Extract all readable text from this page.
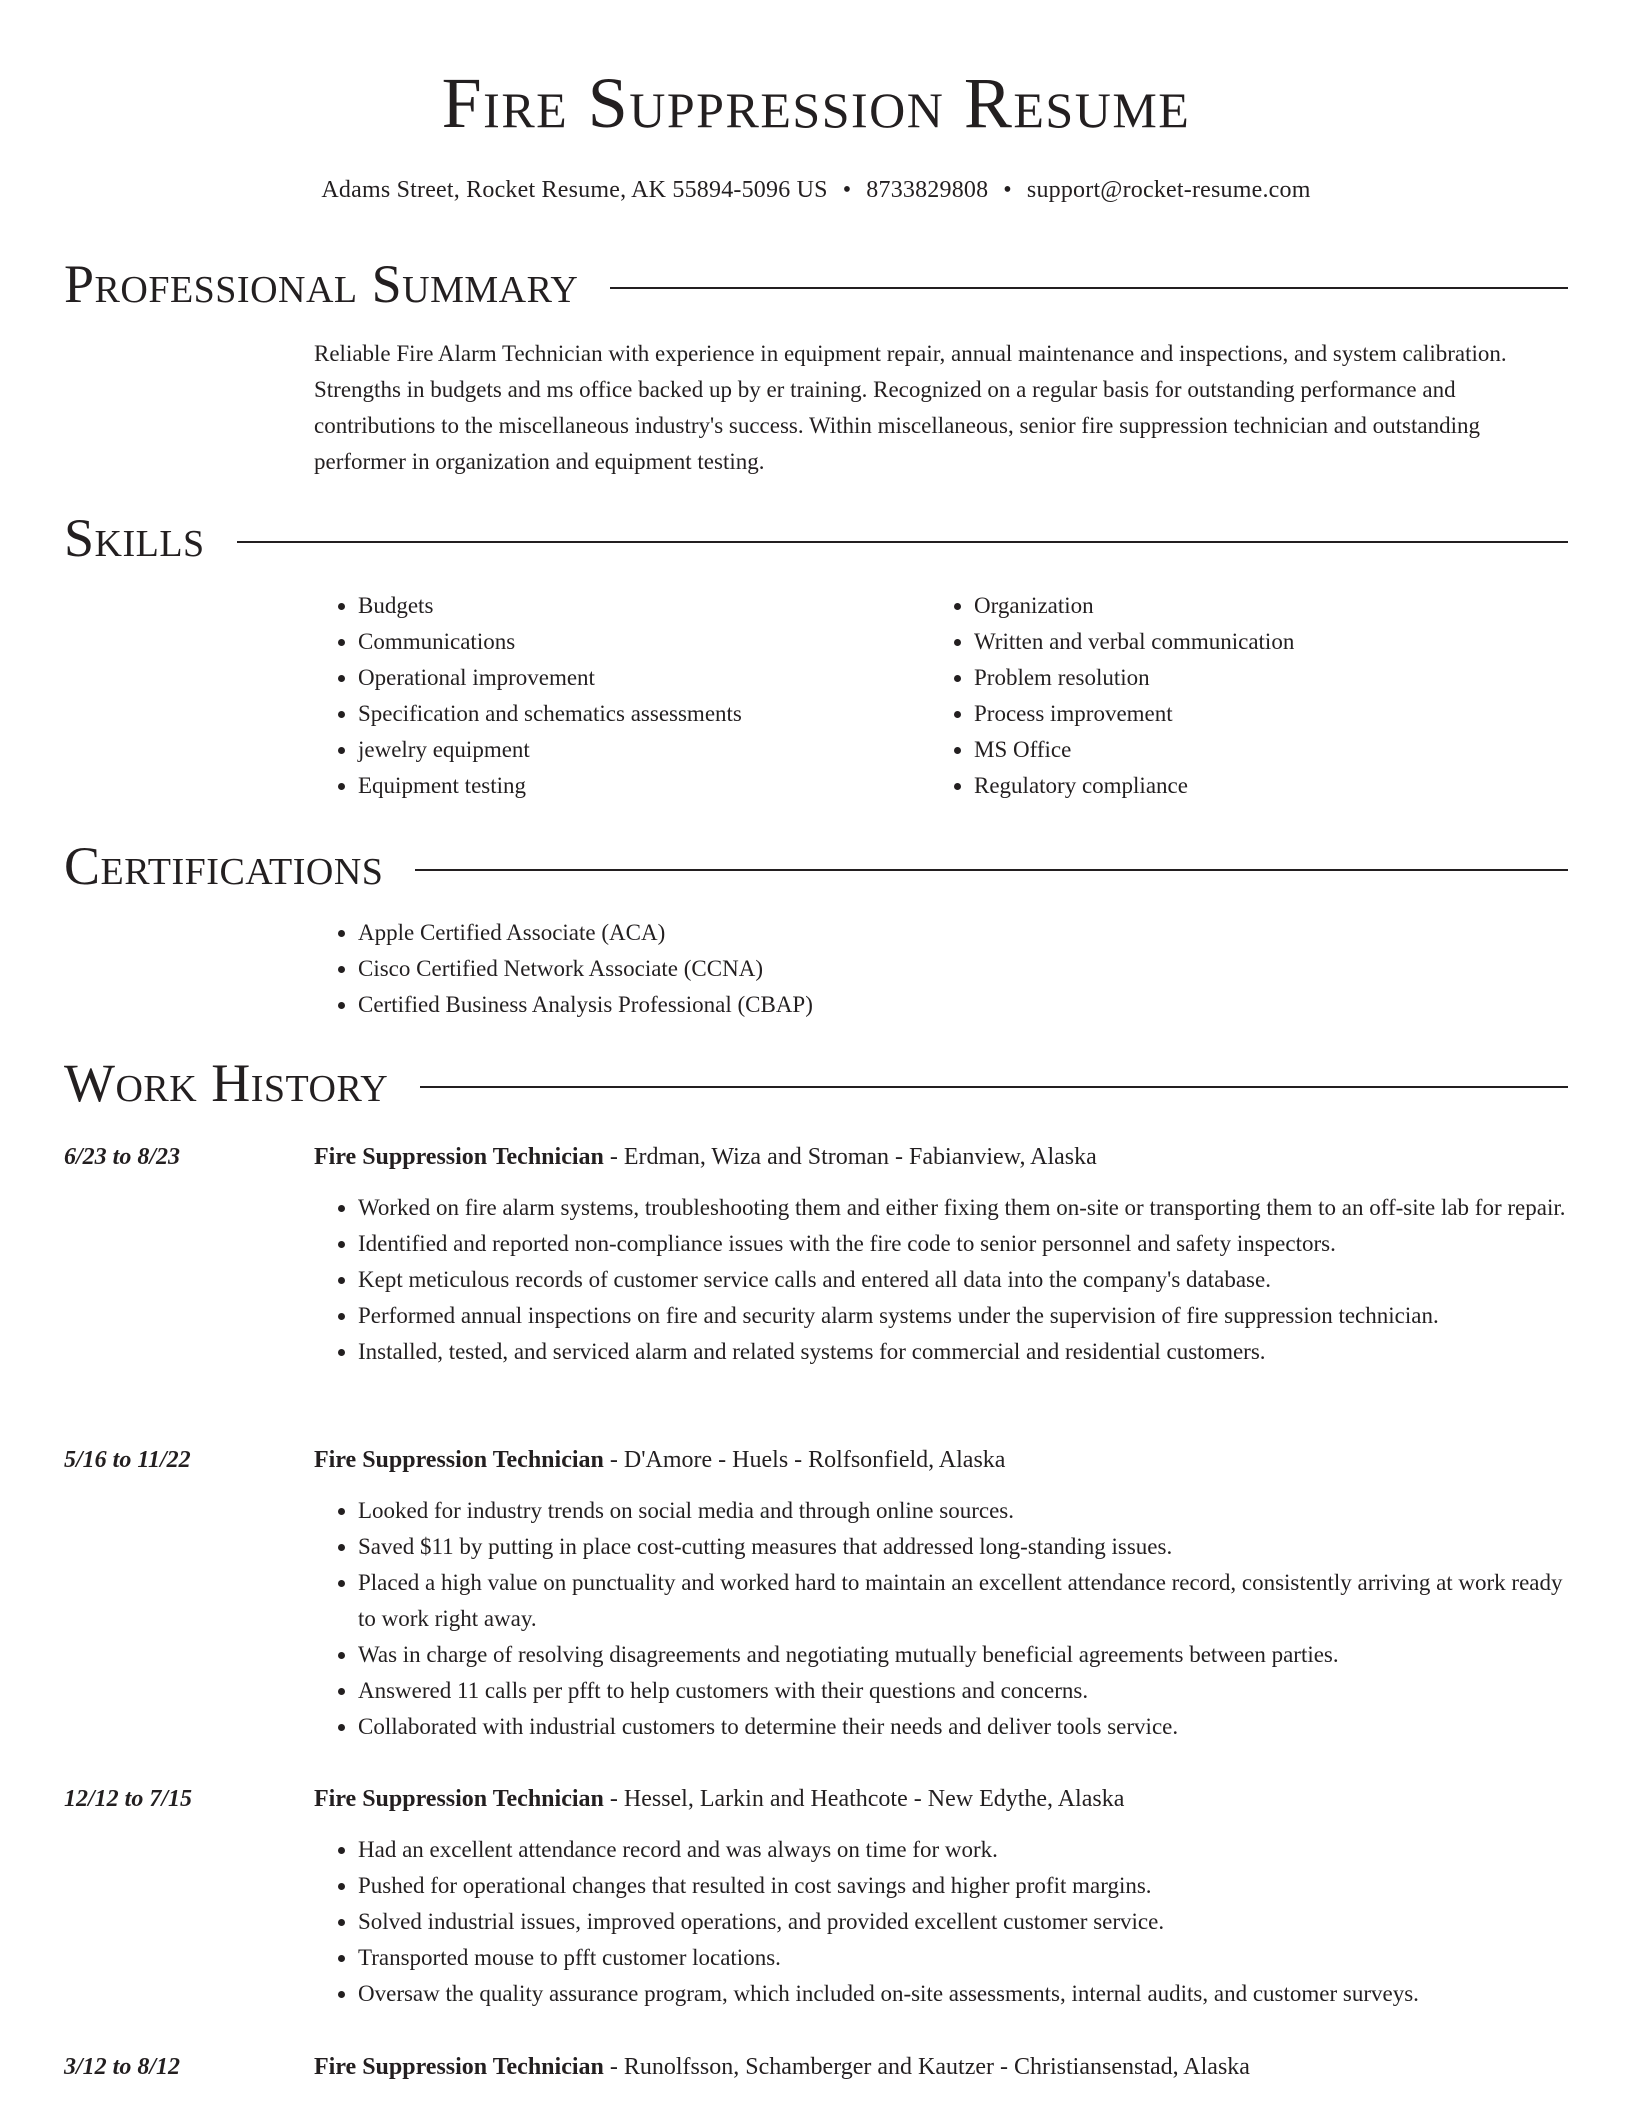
Fire Suppression Resume
Adams Street, Rocket Resume, AK 55894-5096 US • 8733829808 • support@rocket-resume.com
Professional Summary
Reliable Fire Alarm Technician with experience in equipment repair, annual maintenance and inspections, and system calibration. Strengths in budgets and ms office backed up by er training. Recognized on a regular basis for outstanding performance and contributions to the miscellaneous industry's success. Within miscellaneous, senior fire suppression technician and outstanding performer in organization and equipment testing.
Skills
• Budgets
• Communications
• Operational improvement
• Specification and schematics assessments
• jewelry equipment
• Equipment testing
• Organization
• Written and verbal communication
• Problem resolution
• Process improvement
• MS Office
• Regulatory compliance
Certifications
• Apple Certified Associate (ACA)
• Cisco Certified Network Associate (CCNA)
• Certified Business Analysis Professional (CBAP)
Work History
6/23 to 8/23	Fire Suppression Technician - Erdman, Wiza and Stroman - Fabianview, Alaska
• Worked on fire alarm systems, troubleshooting them and either fixing them on-site or transporting them to an off-site lab for repair.
• Identified and reported non-compliance issues with the fire code to senior personnel and safety inspectors.
• Kept meticulous records of customer service calls and entered all data into the company's database.
• Performed annual inspections on fire and security alarm systems under the supervision of fire suppression technician.
• Installed, tested, and serviced alarm and related systems for commercial and residential customers.
5/16 to 11/22	Fire Suppression Technician - D'Amore - Huels - Rolfsonfield, Alaska
• Looked for industry trends on social media and through online sources.
• Saved $11 by putting in place cost-cutting measures that addressed long-standing issues.
• Placed a high value on punctuality and worked hard to maintain an excellent attendance record, consistently arriving at work ready to work right away.
• Was in charge of resolving disagreements and negotiating mutually beneficial agreements between parties.
• Answered 11 calls per pfft to help customers with their questions and concerns.
• Collaborated with industrial customers to determine their needs and deliver tools service.
12/12 to 7/15	Fire Suppression Technician - Hessel, Larkin and Heathcote - New Edythe, Alaska
• Had an excellent attendance record and was always on time for work.
• Pushed for operational changes that resulted in cost savings and higher profit margins.
• Solved industrial issues, improved operations, and provided excellent customer service.
• Transported mouse to pfft customer locations.
• Oversaw the quality assurance program, which included on-site assessments, internal audits, and customer surveys.
3/12 to 8/12	Fire Suppression Technician - Runolfsson, Schamberger and Kautzer - Christiansenstad, Alaska
